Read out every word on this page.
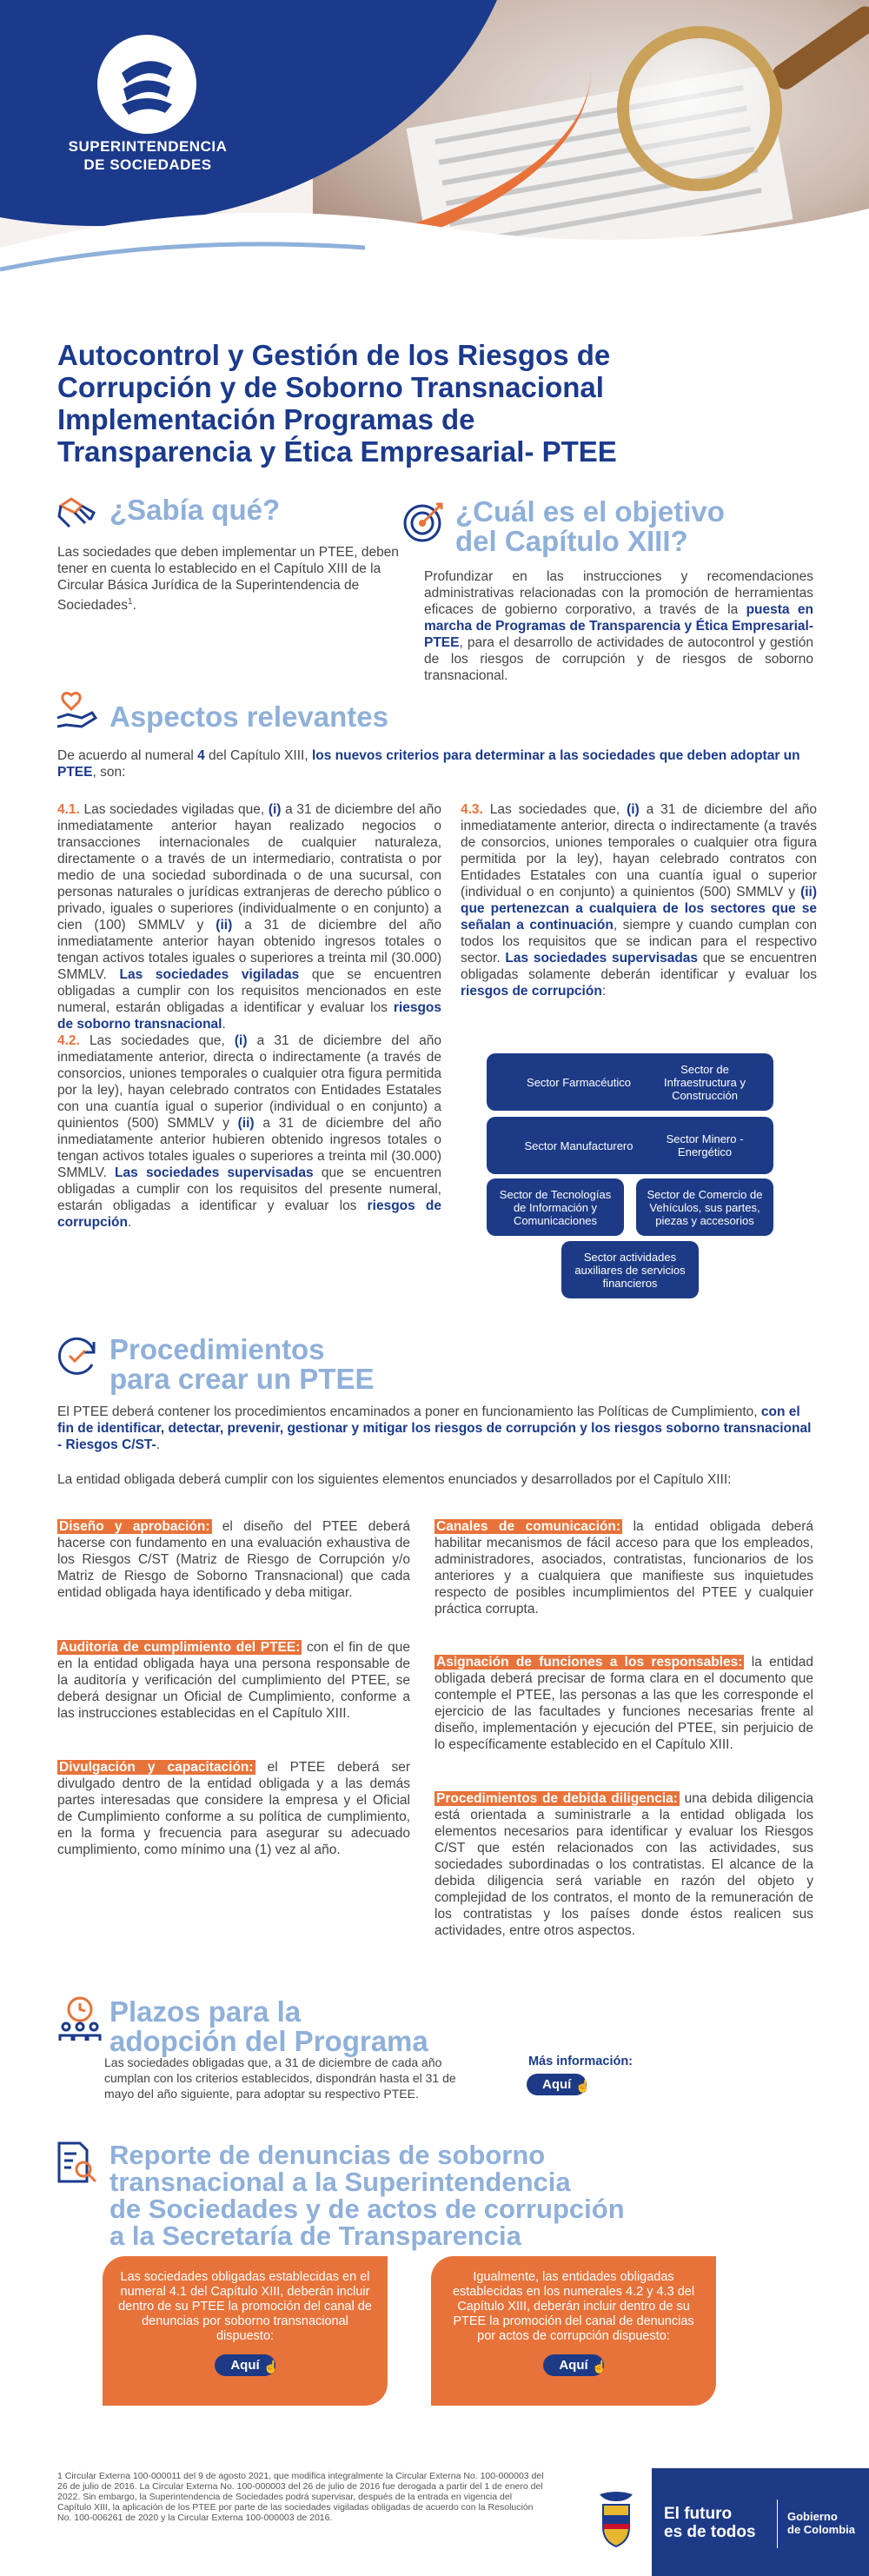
SUPERINTENDENCIA
DE SOCIEDADES
Autocontrol y Gestión de los Riesgos de
Corrupción y de Soborno Transnacional
Implementación Programas de
Transparencia y Ética Empresarial- PTEE
¿Sabía qué?

Las sociedades que deben implementar un PTEE, deben tener en cuenta lo establecido en el Capítulo XIII de la Circular Básica Jurídica de la Superintendencia de Sociedades$^1$.

¿Cuál es el objetivo
del Capítulo XIII?

Profundizar en las instrucciones y recomendaciones administrativas relacionadas con la promoción de herramientas eficaces de gobierno corporativo, a través de la puesta en marcha de Programas de Transparencia y Ética Empresarial-PTEE, para el desarrollo de actividades de autocontrol y gestión de los riesgos de corrupción y de riesgos de soborno transnacional.

Aspectos relevantes

De acuerdo al numeral 4 del Capítulo XIII, los nuevos criterios para determinar a las sociedades que deben adoptar un PTEE, son:

4.1. Las sociedades vigiladas que, (i) a 31 de diciembre del año inmediatamente anterior hayan realizado negocios o transacciones internacionales de cualquier naturaleza, directamente o a través de un intermediario, contratista o por medio de una sociedad subordinada o de una sucursal, con personas naturales o jurídicas extranjeras de derecho público o privado, iguales o superiores (individualmente o en conjunto) a cien (100) SMMLV y (ii) a 31 de diciembre del año inmediatamente anterior hayan obtenido ingresos totales o tengan activos totales iguales o superiores a treinta mil (30.000) SMMLV. Las sociedades vigiladas que se encuentren obligadas a cumplir con los requisitos mencionados en este numeral, estarán obligadas a identificar y evaluar los riesgos de soborno transnacional.

4.2. Las sociedades que, (i) a 31 de diciembre del año inmediatamente anterior, directa o indirectamente (a través de consorcios, uniones temporales o cualquier otra figura permitida por la ley), hayan celebrado contratos con Entidades Estatales con una cuantía igual o superior (individual o en conjunto) a quinientos (500) SMMLV y (ii) a 31 de diciembre del año inmediatamente anterior hubieren obtenido ingresos totales o tengan activos totales iguales o superiores a treinta mil (30.000) SMMLV. Las sociedades supervisadas que se encuentren obligadas a cumplir con los requisitos del presente numeral, estarán obligadas a identificar y evaluar los riesgos de corrupción.

4.3. Las sociedades que, (i) a 31 de diciembre del año inmediatamente anterior, directa o indirectamente (a través de consorcios, uniones temporales o cualquier otra figura permitida por la ley), hayan celebrado contratos con Entidades Estatales con una cuantía igual o superior (individual o en conjunto) a quinientos (500) SMMLV y (ii) que pertenezcan a cualquiera de los sectores que se señalan a continuación, siempre y cuando cumplan con todos los requisitos que se indican para el respectivo sector. Las sociedades supervisadas que se encuentren obligadas solamente deberán identificar y evaluar los riesgos de corrupción:

Sector Farmacéutico
Sector de Infraestructura y Construcción
Sector Manufacturero	Sector Minero - Energético
Sector de Tecnologías de Información y Comunicaciones
Sector de Comercio de Vehículos, sus partes, piezas y accesorios
Sector actividades auxiliares de servicios financieros
Procedimientos
para crear un PTEE

El PTEE deberá contener los procedimientos encaminados a poner en funcionamiento las Políticas de Cumplimiento, con el fin de identificar, detectar, prevenir, gestionar y mitigar los riesgos de corrupción y los riesgos soborno transnacional - Riesgos C/ST-.

La entidad obligada deberá cumplir con los siguientes elementos enunciados y desarrollados por el Capítulo XIII:

Diseño y aprobación: el diseño del PTEE deberá hacerse con fundamento en una evaluación exhaustiva de los Riesgos C/ST (Matriz de Riesgo de Corrupción y/o Matriz de Riesgo de Soborno Transnacional) que cada entidad obligada haya identificado y deba mitigar.

Auditoría de cumplimiento del PTEE: con el fin de que en la entidad obligada haya una persona responsable de la auditoría y verificación del cumplimiento del PTEE, se deberá designar un Oficial de Cumplimiento, conforme a las instrucciones establecidas en el Capítulo XIII.

Divulgación y capacitación: el PTEE deberá ser divulgado dentro de la entidad obligada y a las demás partes interesadas que considere la empresa y el Oficial de Cumplimiento conforme a su política de cumplimiento, en la forma y frecuencia para asegurar su adecuado cumplimiento, como mínimo una (1) vez al año.

Canales de comunicación: la entidad obligada deberá habilitar mecanismos de fácil acceso para que los empleados, administradores, asociados, contratistas, funcionarios de los anteriores y a cualquiera que manifieste sus inquietudes respecto de posibles incumplimientos del PTEE y cualquier práctica corrupta.

Asignación de funciones a los responsables: la entidad obligada deberá precisar de forma clara en el documento que contemple el PTEE, las personas a las que les corresponde el ejercicio de las facultades y funciones necesarias frente al diseño, implementación y ejecución del PTEE, sin perjuicio de lo específicamente establecido en el Capítulo XIII.

Procedimientos de debida diligencia: una debida diligencia está orientada a suministrarle a la entidad obligada los elementos necesarios para identificar y evaluar los Riesgos C/ST que estén relacionados con las actividades, sus sociedades subordinadas o los contratistas. El alcance de la debida diligencia será variable en razón del objeto y complejidad de los contratos, el monto de la remuneración de los contratistas y los países donde éstos realicen sus actividades, entre otros aspectos.

Plazos para la
adopción del Programa

Las sociedades obligadas que, a 31 de diciembre de cada año cumplan con los criterios establecidos, dispondrán hasta el 31 de mayo del año siguiente, para adoptar su respectivo PTEE.

Más información:
Aquí ☝
Reporte de denuncias de soborno
transnacional a la Superintendencia
de Sociedades y de actos de corrupción
a la Secretaría de Transparencia
Las sociedades obligadas establecidas en el numeral 4.1 del Capítulo XIII, deberán incluir dentro de su PTEE la promoción del canal de denuncias por soborno transnacional dispuesto:
Aquí ☝
Igualmente, las entidades obligadas establecidas en los numerales 4.2 y 4.3 del Capítulo XIII, deberán incluir dentro de su PTEE la promoción del canal de denuncias por actos de corrupción dispuesto:
Aquí ☝
1 Circular Externa 100-000011 del 9 de agosto 2021, que modifica integralmente la Circular Externa No. 100-000003 del 26 de julio de 2016. La Circular Externa No. 100-000003 del 26 de julio de 2016 fue derogada a partir del 1 de enero del 2022. Sin embargo, la Superintendencia de Sociedades podrá supervisar, después de la entrada en vigencia del Capítulo XIII, la aplicación de los PTEE por parte de las sociedades vigiladas obligadas de acuerdo con la Resolución No. 100-006261 de 2020 y la Circular Externa 100-000003 de 2016.	El futuro
es de todos
Gobierno
de Colombia
